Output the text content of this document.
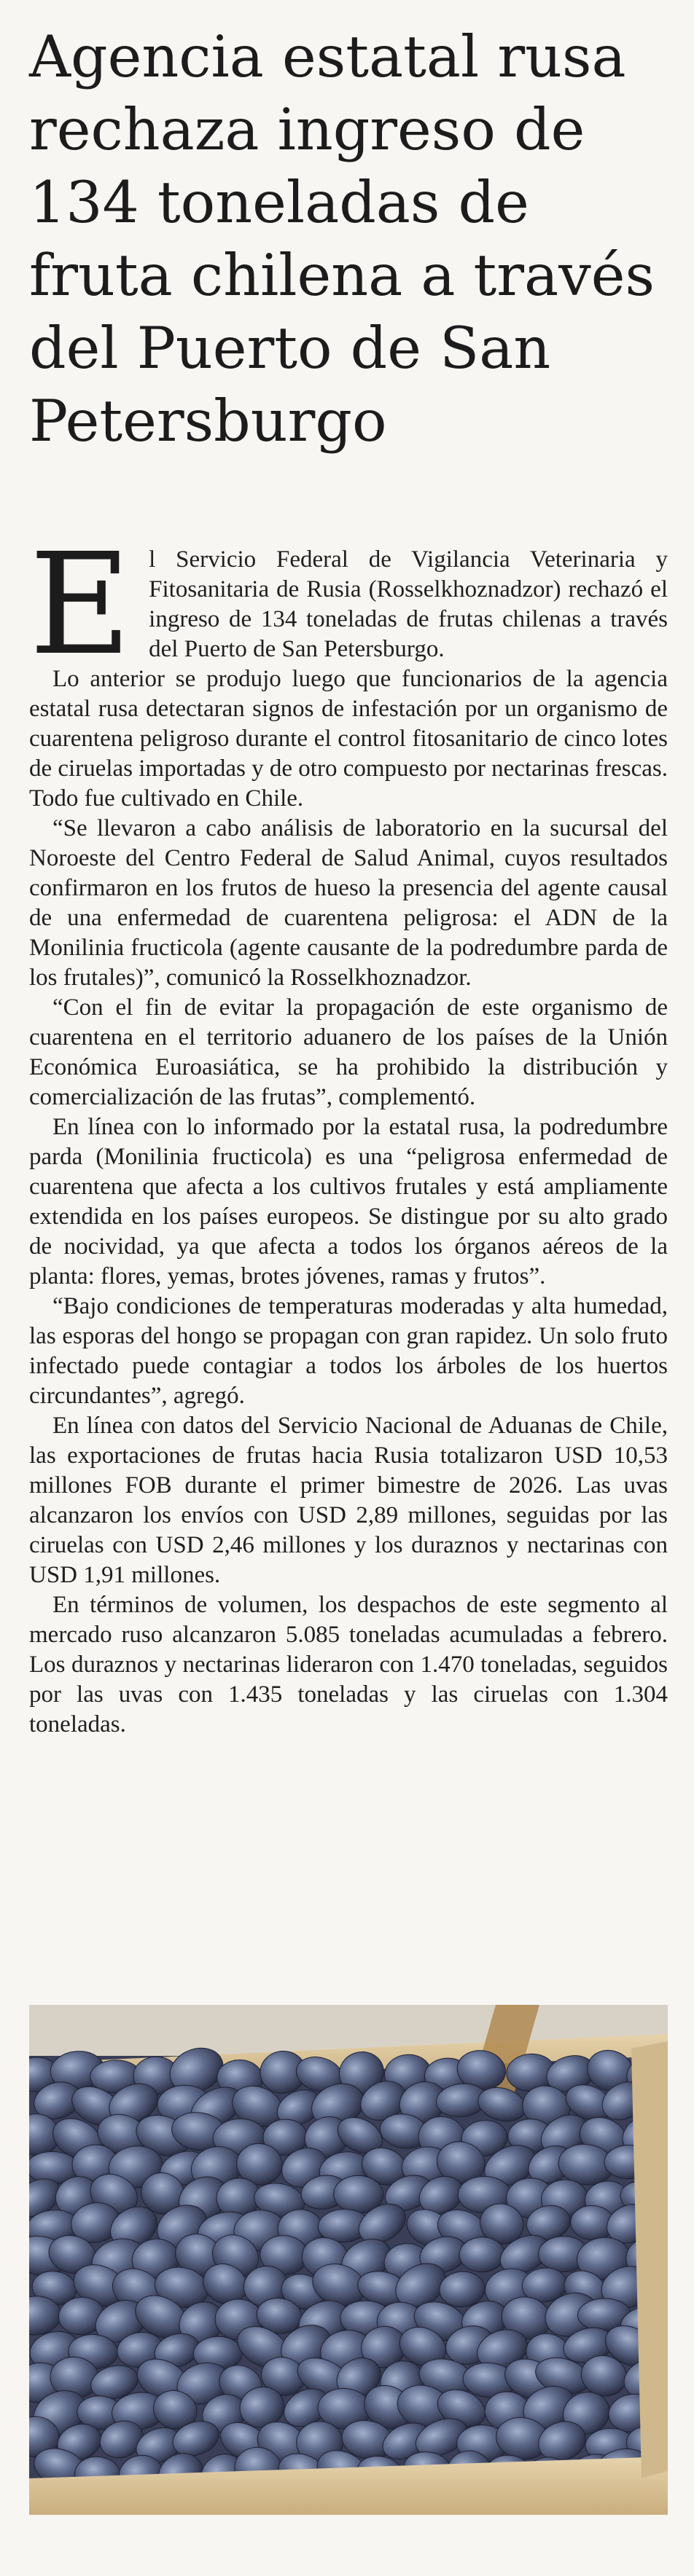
Agencia estatal rusa
rechaza ingreso de
134 toneladas de
fruta chilena a través
del Puerto de San
Petersburgo

El Servicio Federal de Vigilancia Veterinaria y Fitosanitaria de Rusia (Rosselkhoznadzor) rechazó el ingreso de 134 toneladas de frutas chilenas a través del Puerto de San Petersburgo.

Lo anterior se produjo luego que funcionarios de la agencia estatal rusa detectaran signos de infestación por un organismo de cuarentena peligroso durante el control fitosanitario de cinco lotes de ciruelas importadas y de otro compuesto por nectarinas frescas. Todo fue cultivado en Chile.

“Se llevaron a cabo análisis de laboratorio en la sucursal del Noroeste del Centro Federal de Salud Animal, cuyos resultados confirmaron en los frutos de hueso la presencia del agente causal de una enfermedad de cuarentena peligrosa: el ADN de la Monilinia fructicola (agente causante de la podredumbre parda de los frutales)”, comunicó la Rosselkhoznadzor.

“Con el fin de evitar la propagación de este organismo de cuarentena en el territorio aduanero de los países de la Unión Económica Euroasiática, se ha prohibido la distribución y comercialización de las frutas”, complementó.

En línea con lo informado por la estatal rusa, la podredumbre parda (Monilinia fructicola) es una “peligrosa enfermedad de cuarentena que afecta a los cultivos frutales y está ampliamente extendida en los países europeos. Se distingue por su alto grado de nocividad, ya que afecta a todos los órganos aéreos de la planta: flores, yemas, brotes jóvenes, ramas y frutos”.

“Bajo condiciones de temperaturas moderadas y alta humedad, las esporas del hongo se propagan con gran rapidez. Un solo fruto infectado puede contagiar a todos los árboles de los huertos circundantes”, agregó.

En línea con datos del Servicio Nacional de Aduanas de Chile, las exportaciones de frutas hacia Rusia totalizaron USD 10,53 millones FOB durante el primer bimestre de 2026. Las uvas alcanzaron los envíos con USD 2,89 millones, seguidas por las ciruelas con USD 2,46 millones y los duraznos y nectarinas con USD 1,91 millones.

En términos de volumen, los despachos de este segmento al mercado ruso alcanzaron 5.085 toneladas acumuladas a febrero. Los duraznos y nectarinas lideraron con 1.470 toneladas, seguidos por las uvas con 1.435 toneladas y las ciruelas con 1.304 toneladas.
